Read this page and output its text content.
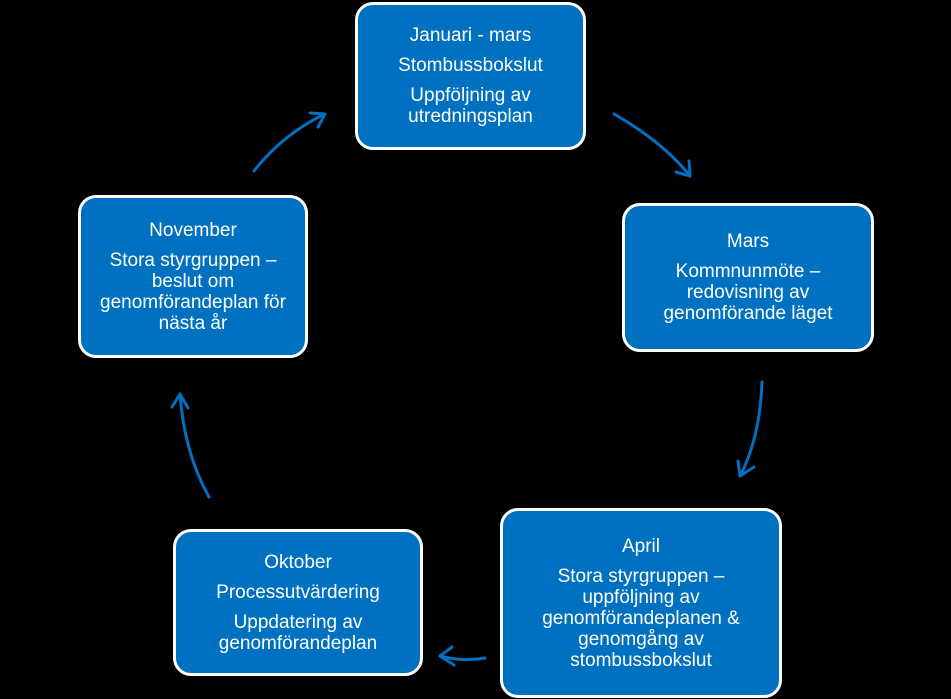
Januari - mars

Stombussbokslut

Uppföljning av utredningsplan

Mars

Kommnunmöte – redovisning av genomförande läget

April

Stora styrgruppen – uppföljning av genomförandeplanen & genomgång av stombussbokslut

Oktober

Processutvärdering

Uppdatering av genomförandeplan

November

Stora styrgruppen – beslut om genomförandeplan för nästa år
